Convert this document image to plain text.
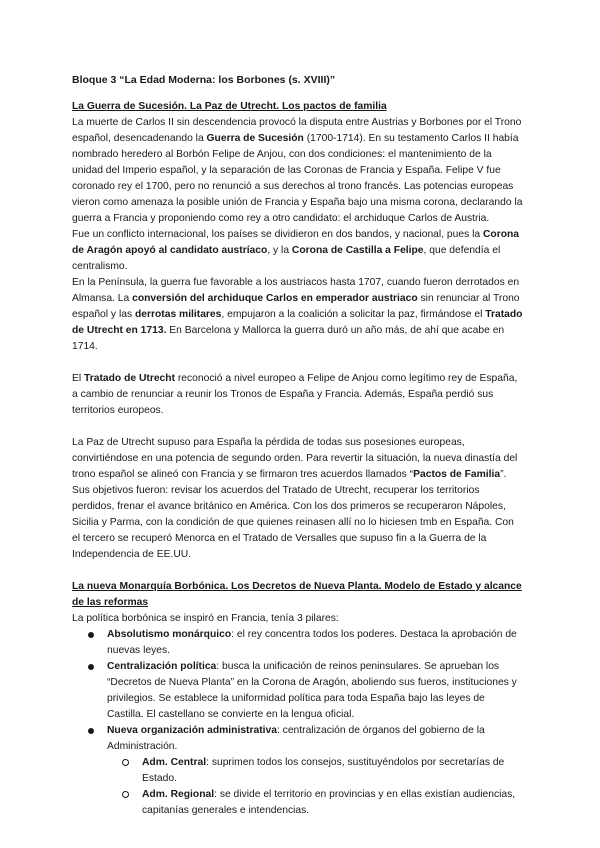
Bloque 3 “La Edad Moderna: los Borbones (s. XVIII)”

La Guerra de Sucesión. La Paz de Utrecht. Los pactos de familia

La muerte de Carlos II sin descendencia provocó la disputa entre Austrias y Borbones por el Trono español, desencadenando la Guerra de Sucesión (1700-1714). En su testamento Carlos II había nombrado heredero al Borbón Felipe de Anjou, con dos condiciones: el mantenimiento de la unidad del Imperio español, y la separación de las Coronas de Francia y España. Felipe V fue coronado rey el 1700, pero no renunció a sus derechos al trono francés. Las potencias europeas vieron como amenaza la posible unión de Francia y España bajo una misma corona, declarando la guerra a Francia y proponiendo como rey a otro candidato: el archiduque Carlos de Austria.

Fue un conflicto internacional, los países se dividieron en dos bandos, y nacional, pues la Corona de Aragón apoyó al candidato austríaco, y la Corona de Castilla a Felipe, que defendía el centralismo.

En la Península, la guerra fue favorable a los austriacos hasta 1707, cuando fueron derrotados en Almansa. La conversión del archiduque Carlos en emperador austriaco sin renunciar al Trono español y las derrotas militares, empujaron a la coalición a solicitar la paz, firmándose el Tratado de Utrecht en 1713. En Barcelona y Mallorca la guerra duró un año más, de ahí que acabe en 1714.

El Tratado de Utrecht reconoció a nivel europeo a Felipe de Anjou como legítimo rey de España, a cambio de renunciar a reunir los Tronos de España y Francia. Además, España perdió sus territorios europeos.

La Paz de Utrecht supuso para España la pérdida de todas sus posesiones europeas, convirtiéndose en una potencia de segundo orden. Para revertir la situación, la nueva dinastía del trono español se alineó con Francia y se firmaron tres acuerdos llamados “Pactos de Familia”. Sus objetivos fueron: revisar los acuerdos del Tratado de Utrecht, recuperar los territorios perdidos, frenar el avance británico en América. Con los dos primeros se recuperaron Nápoles, Sicilia y Parma, con la condición de que quienes reinasen allí no lo hiciesen tmb en España. Con el tercero se recuperó Menorca en el Tratado de Versalles que supuso fin a la Guerra de la Independencia de EE.UU.

La nueva Monarquía Borbónica. Los Decretos de Nueva Planta. Modelo de Estado y alcance de las reformas

La política borbónica se inspiró en Francia, tenía 3 pilares:

Absolutismo monárquico: el rey concentra todos los poderes. Destaca la aprobación de nuevas leyes.
Centralización política: busca la unificación de reinos peninsulares. Se aprueban los “Decretos de Nueva Planta” en la Corona de Aragón, aboliendo sus fueros, instituciones y privilegios. Se establece la uniformidad política para toda España bajo las leyes de Castilla. El castellano se convierte en la lengua oficial.
Nueva organización administrativa: centralización de órganos del gobierno de la Administración.
Adm. Central: suprimen todos los consejos, sustituyéndolos por secretarías de Estado.
Adm. Regional: se divide el territorio en provincias y en ellas existían audiencias, capitanías generales e intendencias.
